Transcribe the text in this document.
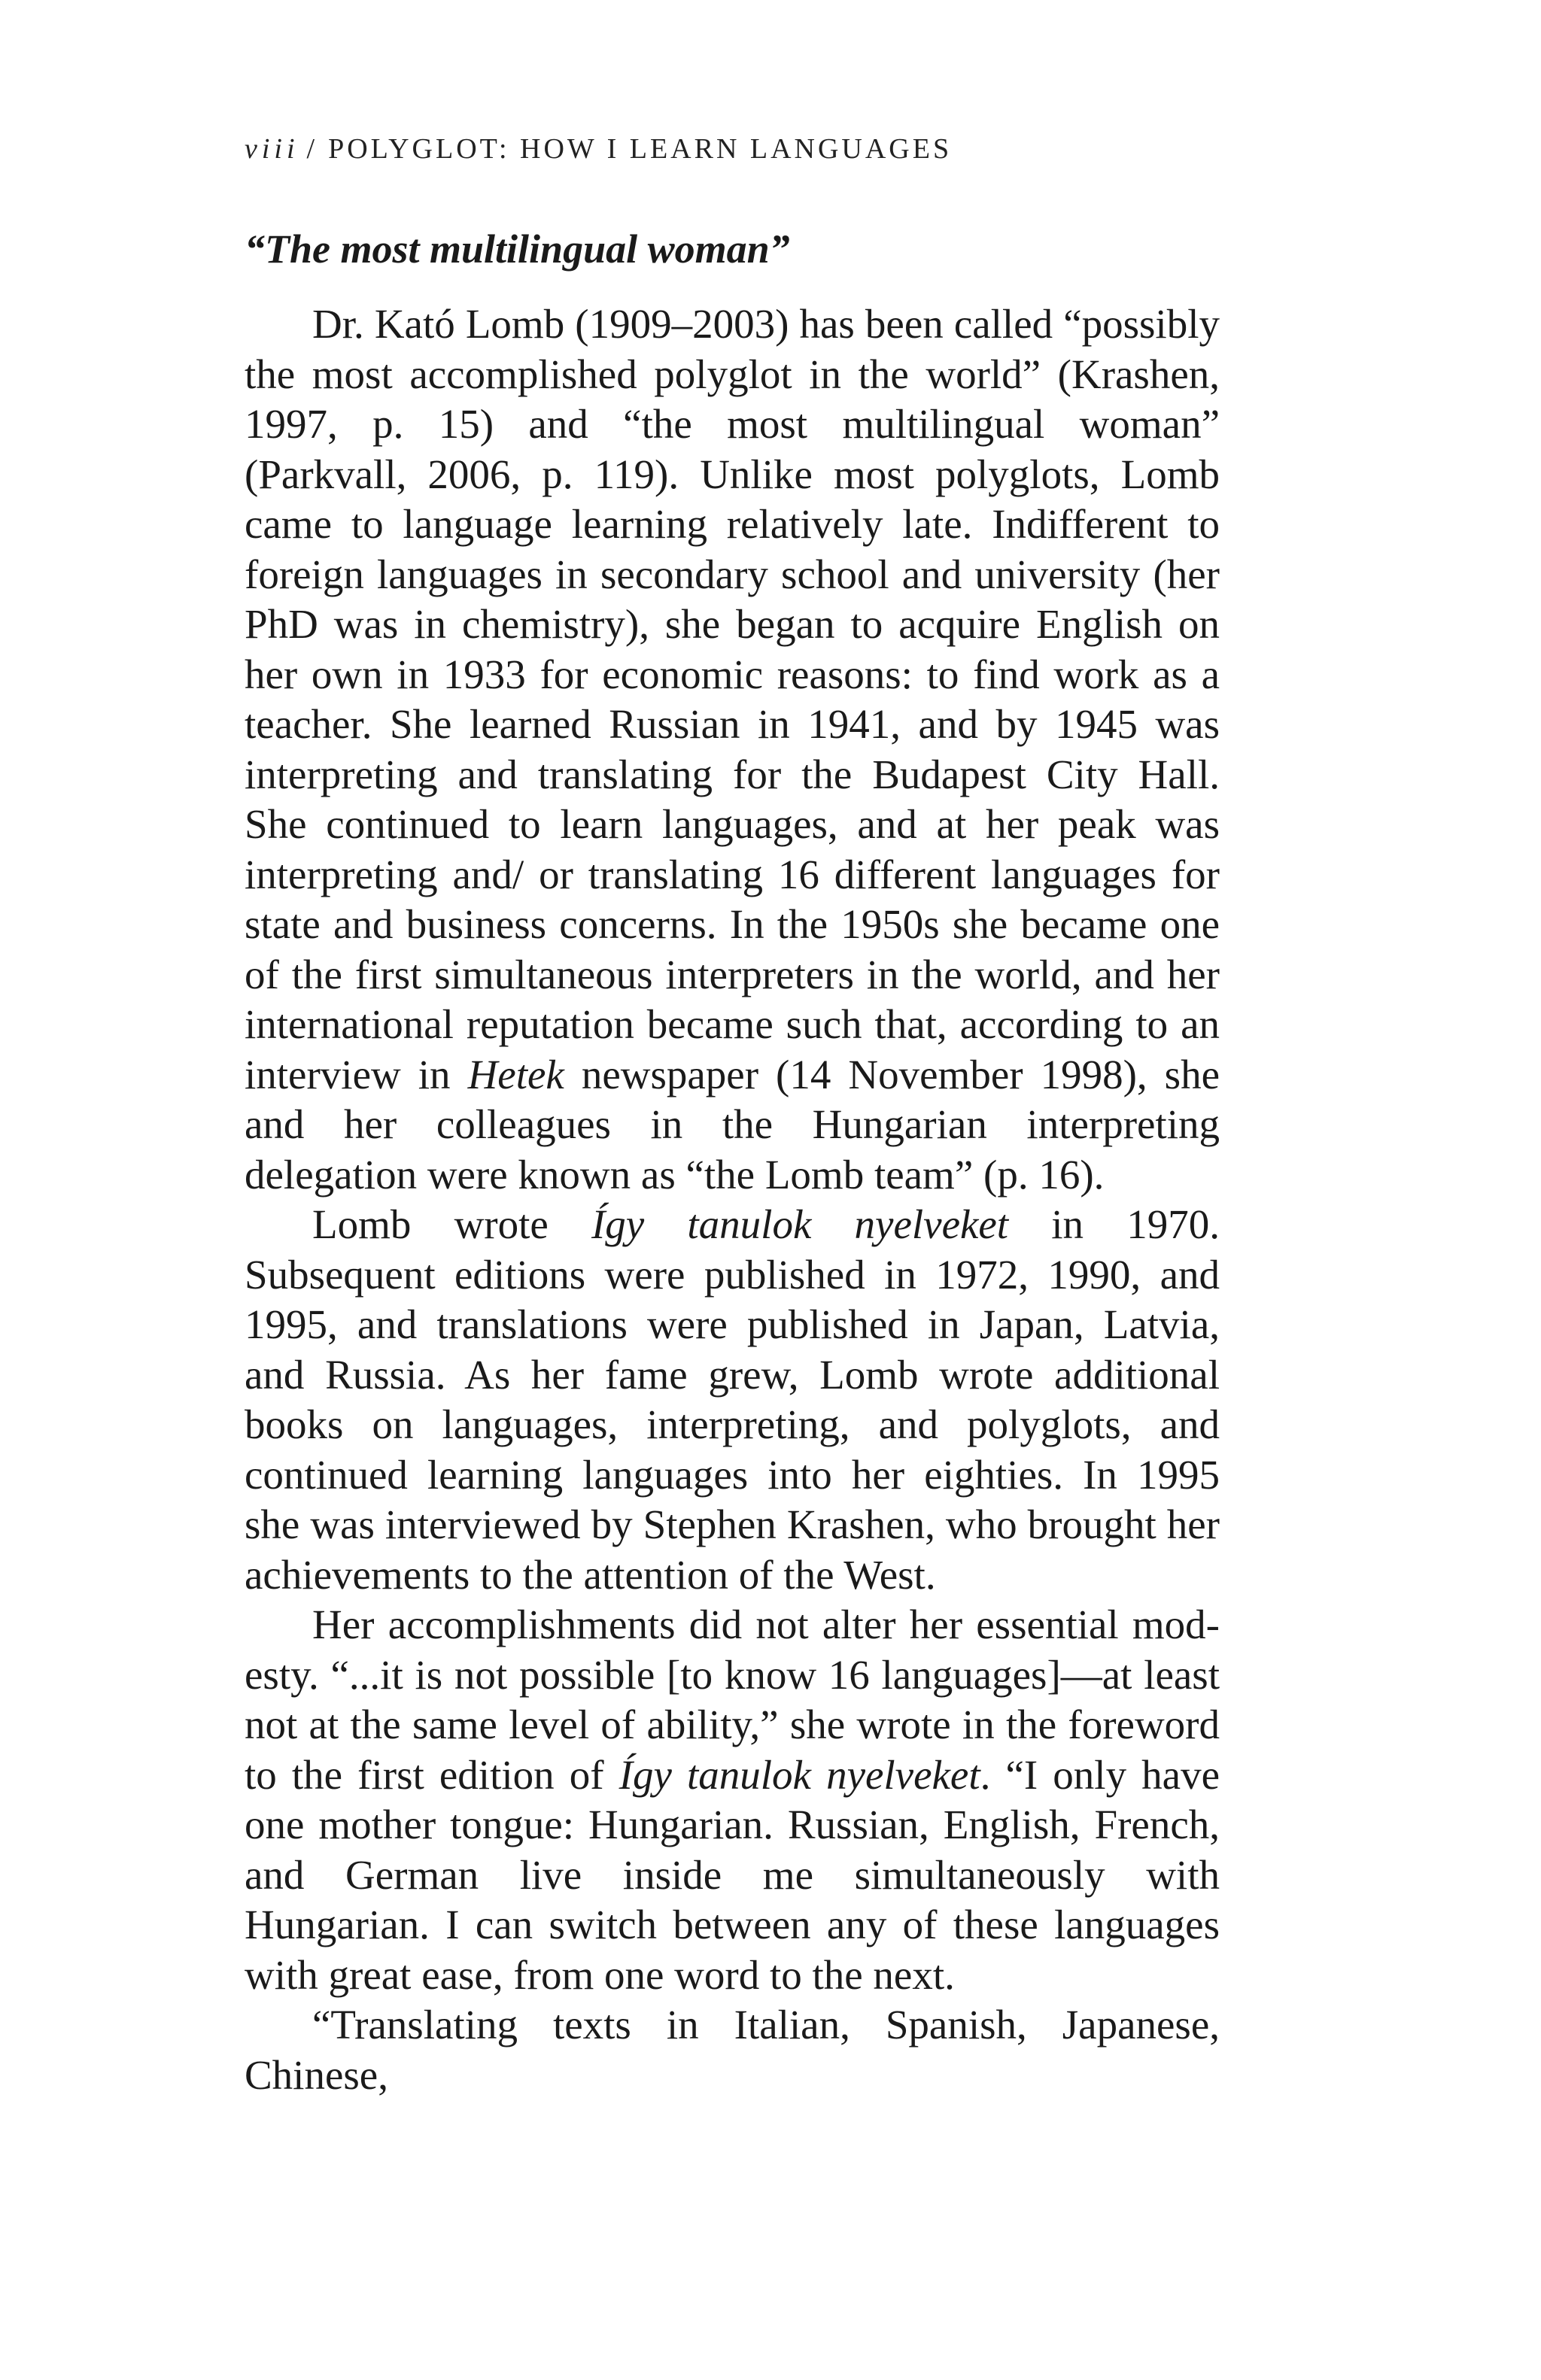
viii / POLYGLOT: HOW I LEARN LANGUAGES
“The most multilingual woman”

Dr. Kató Lomb (1909–2003) has been called “possibly the most accomplished polyglot in the world” (Krashen, 1997, p. 15) and “the most multilingual woman” (Parkvall, 2006, p. 119). Unlike most polyglots, Lomb came to language learning relatively late. Indifferent to foreign languages in secondary school and university (her PhD was in chemistry), she began to acquire English on her own in 1933 for economic reasons: to find work as a teacher. She learned Russian in 1941, and by 1945 was interpreting and translating for the Budapest City Hall. She continued to learn languages, and at her peak was interpreting and/ or translating 16 different languages for state and business concerns. In the 1950s she became one of the first simultaneous interpreters in the world, and her international reputation became such that, according to an interview in Hetek newspaper (14 November 1998), she and her colleagues in the Hungarian interpreting delegation were known as “the Lomb team” (p. 16).

Lomb wrote Így tanulok nyelveket in 1970. Subsequent editions were published in 1972, 1990, and 1995, and translations were published in Japan, Latvia, and Russia. As her fame grew, Lomb wrote additional books on languages, interpreting, and polyglots, and continued learning languages into her eighties. In 1995 she was interviewed by Stephen Krashen, who brought her achievements to the attention of the West.

Her accomplishments did not alter her essential modesty. “...it is not possible [to know 16 languages]—at least not at the same level of ability,” she wrote in the foreword to the first edition of Így tanulok nyelveket. “I only have one mother tongue: Hungarian. Russian, English, French, and German live inside me simultaneously with Hungarian. I can switch between any of these languages with great ease, from one word to the next.

“Translating texts in Italian, Spanish, Japanese, Chinese,
